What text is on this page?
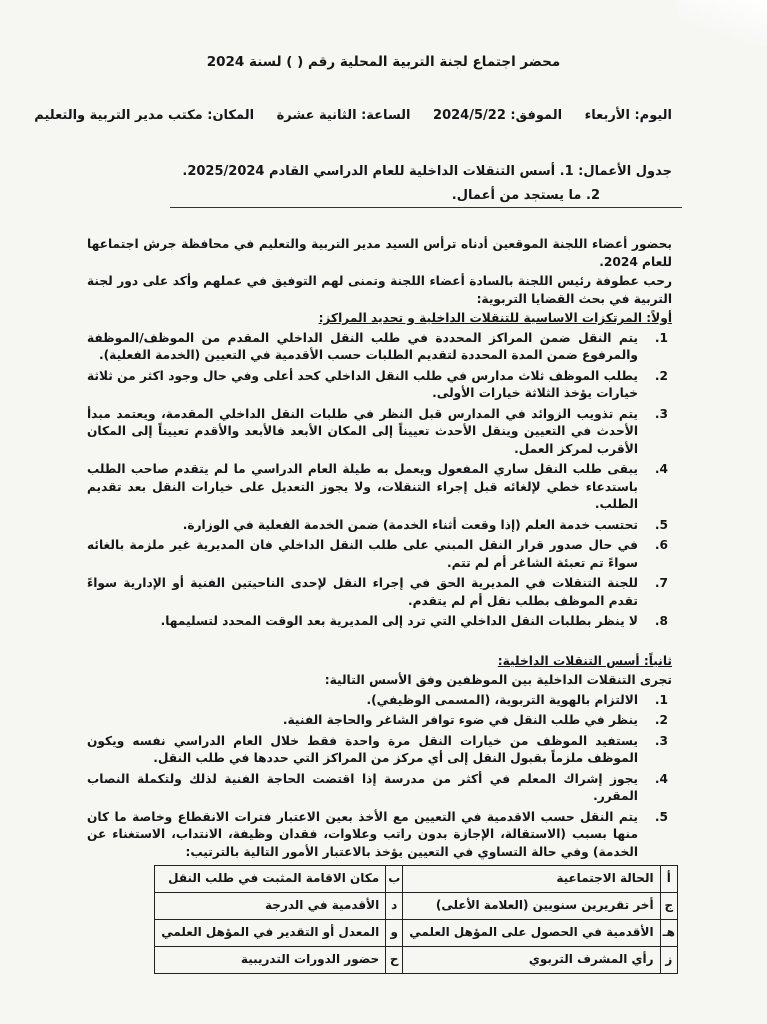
محضر اجتماع لجنة التربية المحلية رقم ( ) لسنة 2024
اليوم: الأربعاء الموفق: 2024/5/22 الساعة: الثانية عشرة المكان: مكتب مدير التربية والتعليم
جدول الأعمال: 1. أسس التنقلات الداخلية للعام الدراسي القادم 2025/2024.
2. ما يستجد من أعمال.

بحضور أعضاء اللجنة الموقعين أدناه ترأس السيد مدير التربية والتعليم في محافظة جرش اجتماعها للعام 2024.

رحب عطوفة رئيس اللجنة بالسادة أعضاء اللجنة وتمنى لهم التوفيق في عملهم وأكد على دور لجنة التربية في بحث القضايا التربوية:

أولاً: المرتكزات الاساسية للتنقلات الداخلية و تحديد المراكز:
1.
يتم النقل ضمن المراكز المحددة في طلب النقل الداخلي المقدم من الموظف/الموظفة والمرفوع ضمن المدة المحددة لتقديم الطلبات حسب الأقدمية في التعيين (الخدمة الفعلية).
2.
يطلب الموظف ثلاث مدارس في طلب النقل الداخلي كحد أعلى وفي حال وجود اكثر من ثلاثة خيارات يؤخذ الثلاثة خيارات الأولى.
3.
يتم تذويب الزوائد في المدارس قبل النظر في طلبات النقل الداخلي المقدمة، ويعتمد مبدأ الأحدث في التعيين وينقل الأحدث تعييناً إلى المكان الأبعد فالأبعد والأقدم تعييناً إلى المكان الأقرب لمركز العمل.
4.
يبقى طلب النقل ساري المفعول ويعمل به طيلة العام الدراسي ما لم يتقدم صاحب الطلب باستدعاء خطي لإلغائه قبل إجراء التنقلات، ولا يجوز التعديل على خيارات النقل بعد تقديم الطلب.
5.
تحتسب خدمة العلم (إذا وقعت أثناء الخدمة) ضمن الخدمة الفعلية في الوزارة.
6.
في حال صدور قرار النقل المبني على طلب النقل الداخلي فان المديرية غير ملزمة بالغائه سواءً تم تعبئة الشاغر أم لم تتم.
7.
للجنة التنقلات في المديرية الحق في إجراء النقل لإحدى الناحيتين الفنية أو الإدارية سواءً تقدم الموظف بطلب نقل أم لم يتقدم.
8.
لا ينظر بطلبات النقل الداخلي التي ترد إلى المديرية بعد الوقت المحدد لتسليمها.
ثانياً: أسس التنقلات الداخلية:

تجرى التنقلات الداخلية بين الموظفين وفق الأسس التالية:

1.
الالتزام بالهوية التربوية، (المسمى الوظيفي).
2.
ينظر في طلب النقل في ضوء توافر الشاغر والحاجة الفنية.
3.
يستفيد الموظف من خيارات النقل مرة واحدة فقط خلال العام الدراسي نفسه ويكون الموظف ملزماً بقبول النقل إلى أي مركز من المراكز التي حددها في طلب النقل.
4.
يجوز إشراك المعلم في أكثر من مدرسة إذا اقتضت الحاجة الفنية لذلك ولتكملة النصاب المقرر.
5.
يتم النقل حسب الاقدمية في التعيين مع الأخذ بعين الاعتبار فترات الانقطاع وخاصة ما كان منها بسبب (الاستقالة، الإجازة بدون راتب وعلاوات، فقدان وظيفة، الانتداب، الاستغناء عن الخدمة) وفي حالة التساوي في التعيين يؤخذ بالاعتبار الأمور التالية بالترتيب:
أ	الحالة الاجتماعية	ب	مكان الاقامة المثبت في طلب النقل
ج	أخر تقريرين سنويين (العلامة الأعلى)	د	الأقدمية في الدرجة
هـ	الأقدمية في الحصول على المؤهل العلمي	و	المعدل أو التقدير في المؤهل العلمي
ز	رأي المشرف التربوي	ح	حضور الدورات التدريبية
